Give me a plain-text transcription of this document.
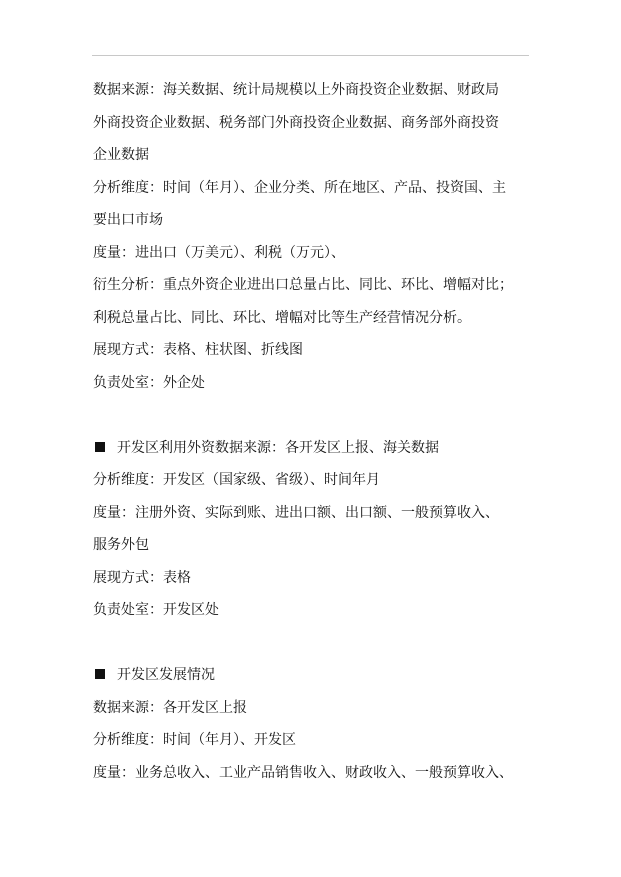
数据来源：海关数据、统计局规模以上外商投资企业数据、财政局
外商投资企业数据、税务部门外商投资企业数据、商务部外商投资
企业数据
分析维度：时间（年月）、企业分类、所在地区、产品、投资国、主
要出口市场
度量：进出口（万美元）、利税（万元）、
衍生分析：重点外资企业进出口总量占比、同比、环比、增幅对比；
利税总量占比、同比、环比、增幅对比等生产经营情况分析。
展现方式：表格、柱状图、折线图
负责处室：外企处
开发区利用外资数据来源：各开发区上报、海关数据
分析维度：开发区（国家级、省级）、时间年月
度量：注册外资、实际到账、进出口额、出口额、一般预算收入、
服务外包
展现方式：表格
负责处室：开发区处
开发区发展情况
数据来源：各开发区上报
分析维度：时间（年月）、开发区
度量：业务总收入、工业产品销售收入、财政收入、一般预算收入、
